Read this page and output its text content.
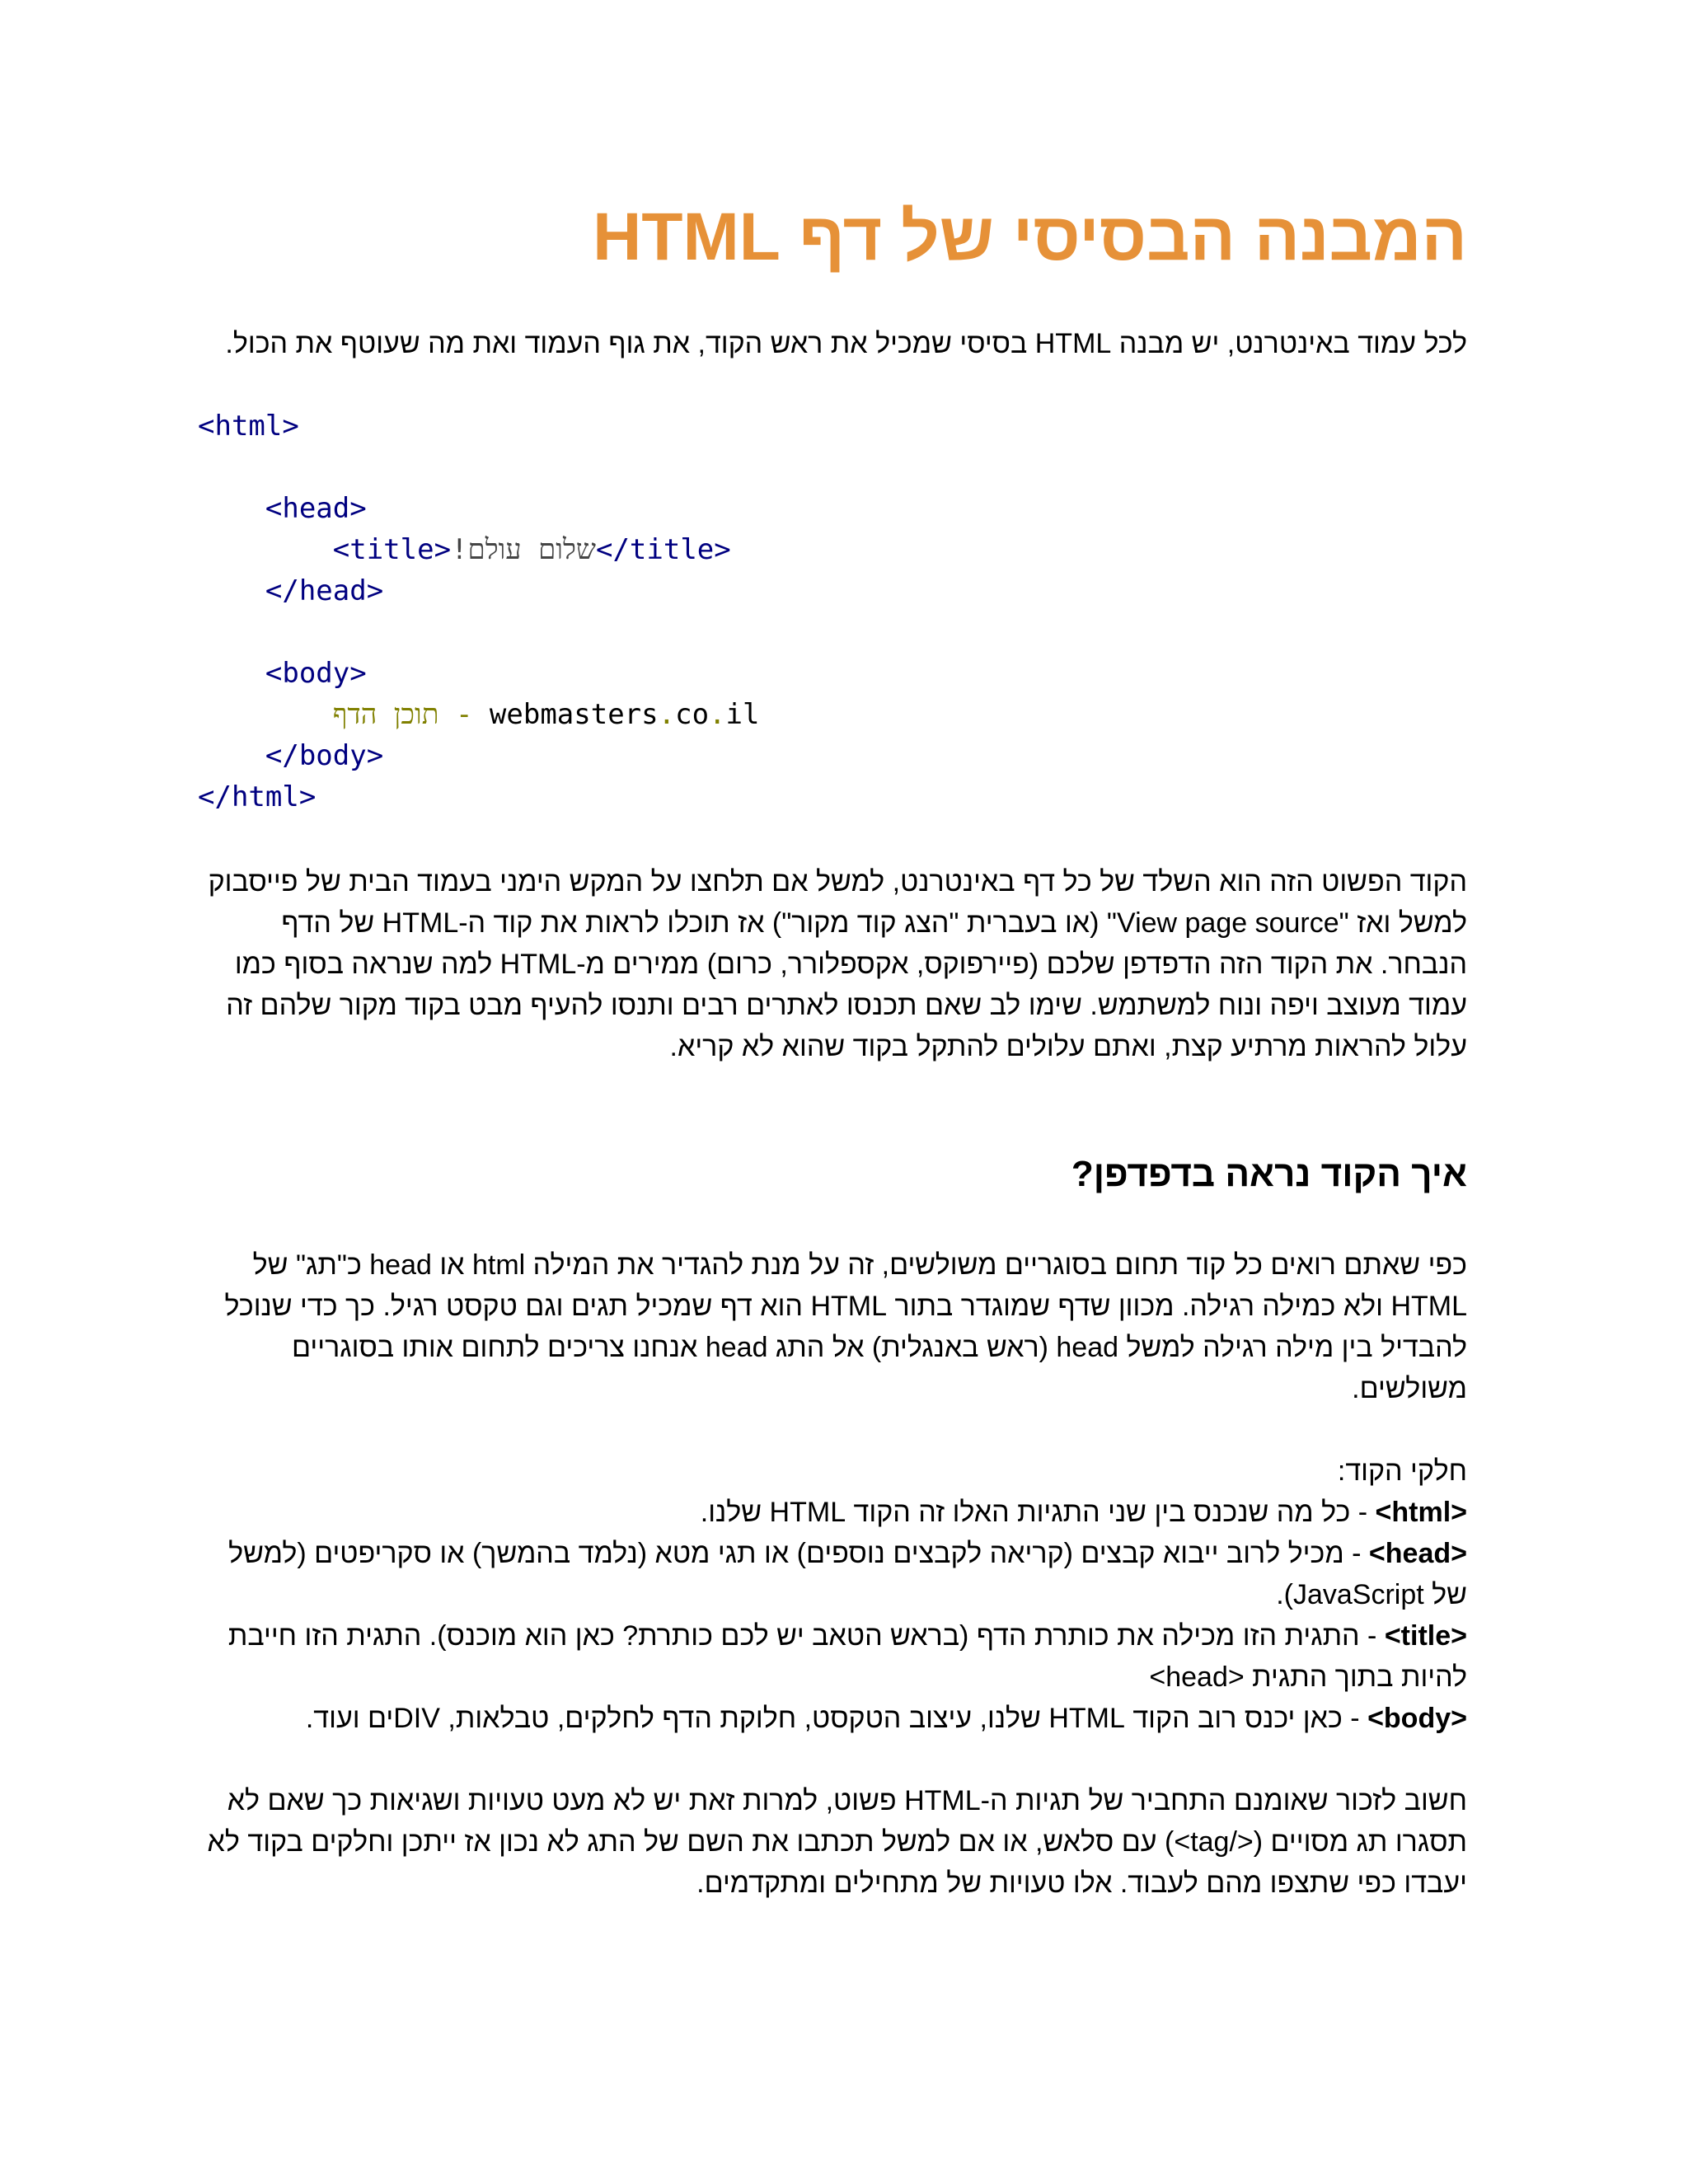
המבנה הבסיסי של דף HTML

לכל עמוד באינטרנט, יש מבנה HTML בסיסי שמכיל את ראש הקוד, את גוף העמוד ואת מה שעוטף את הכול.

<html>
<head>
<title>שלום עולם!</title>
</head>
<body>
תוכן הדף - webmasters.co.il
</body>
</html>

הקוד הפשוט הזה הוא השלד של כל דף באינטרנט, למשל אם תלחצו על המקש הימני בעמוד הבית של פייסבוק למשל ואז "View page source" (או בעברית "הצג קוד מקור") אז תוכלו לראות את קוד ה-HTML של הדף הנבחר. את הקוד הזה הדפדפן שלכם (פיירפוקס, אקספלורר, כרום) ממירים מ-HTML למה שנראה בסוף כמו עמוד מעוצב ויפה ונוח למשתמש. שימו לב שאם תכנסו לאתרים רבים ותנסו להעיף מבט בקוד מקור שלהם זה עלול להראות מרתיע קצת, ואתם עלולים להתקל בקוד שהוא לא קריא.

איך הקוד נראה בדפדפן?

כפי שאתם רואים כל קוד תחום בסוגריים משולשים, זה על מנת להגדיר את המילה html או head כ"תג" של HTML ולא כמילה רגילה. מכוון שדף שמוגדר בתור HTML הוא דף שמכיל תגים וגם טקסט רגיל. כך כדי שנוכל להבדיל בין מילה רגילה למשל head (ראש באנגלית) אל התג head אנחנו צריכים לתחום אותו בסוגריים משולשים.

חלקי הקוד:
<html> - כל מה שנכנס בין שני התגיות האלו זה הקוד HTML שלנו.
<head> - מכיל לרוב ייבוא קבצים (קריאה לקבצים נוספים) או תגי מטא (נלמד בהמשך) או סקריפטים (למשל של JavaScript).
<title> - התגית הזו מכילה את כותרת הדף (בראש הטאב יש לכם כותרת? כאן הוא מוכנס). התגית הזו חייבת להיות בתוך התגית <head>
<body> - כאן יכנס רוב הקוד HTML שלנו, עיצוב הטקסט, חלוקת הדף לחלקים, טבלאות, DIVים ועוד.

חשוב לזכור שאומנם התחביר של תגיות ה-HTML פשוט, למרות זאת יש לא מעט טעויות ושגיאות כך שאם לא תסגרו תג מסויים (</tag>) עם סלאש, או אם למשל תכתבו את השם של התג לא נכון אז ייתכן וחלקים בקוד לא יעבדו כפי שתצפו מהם לעבוד. אלו טעויות של מתחילים ומתקדמים.
